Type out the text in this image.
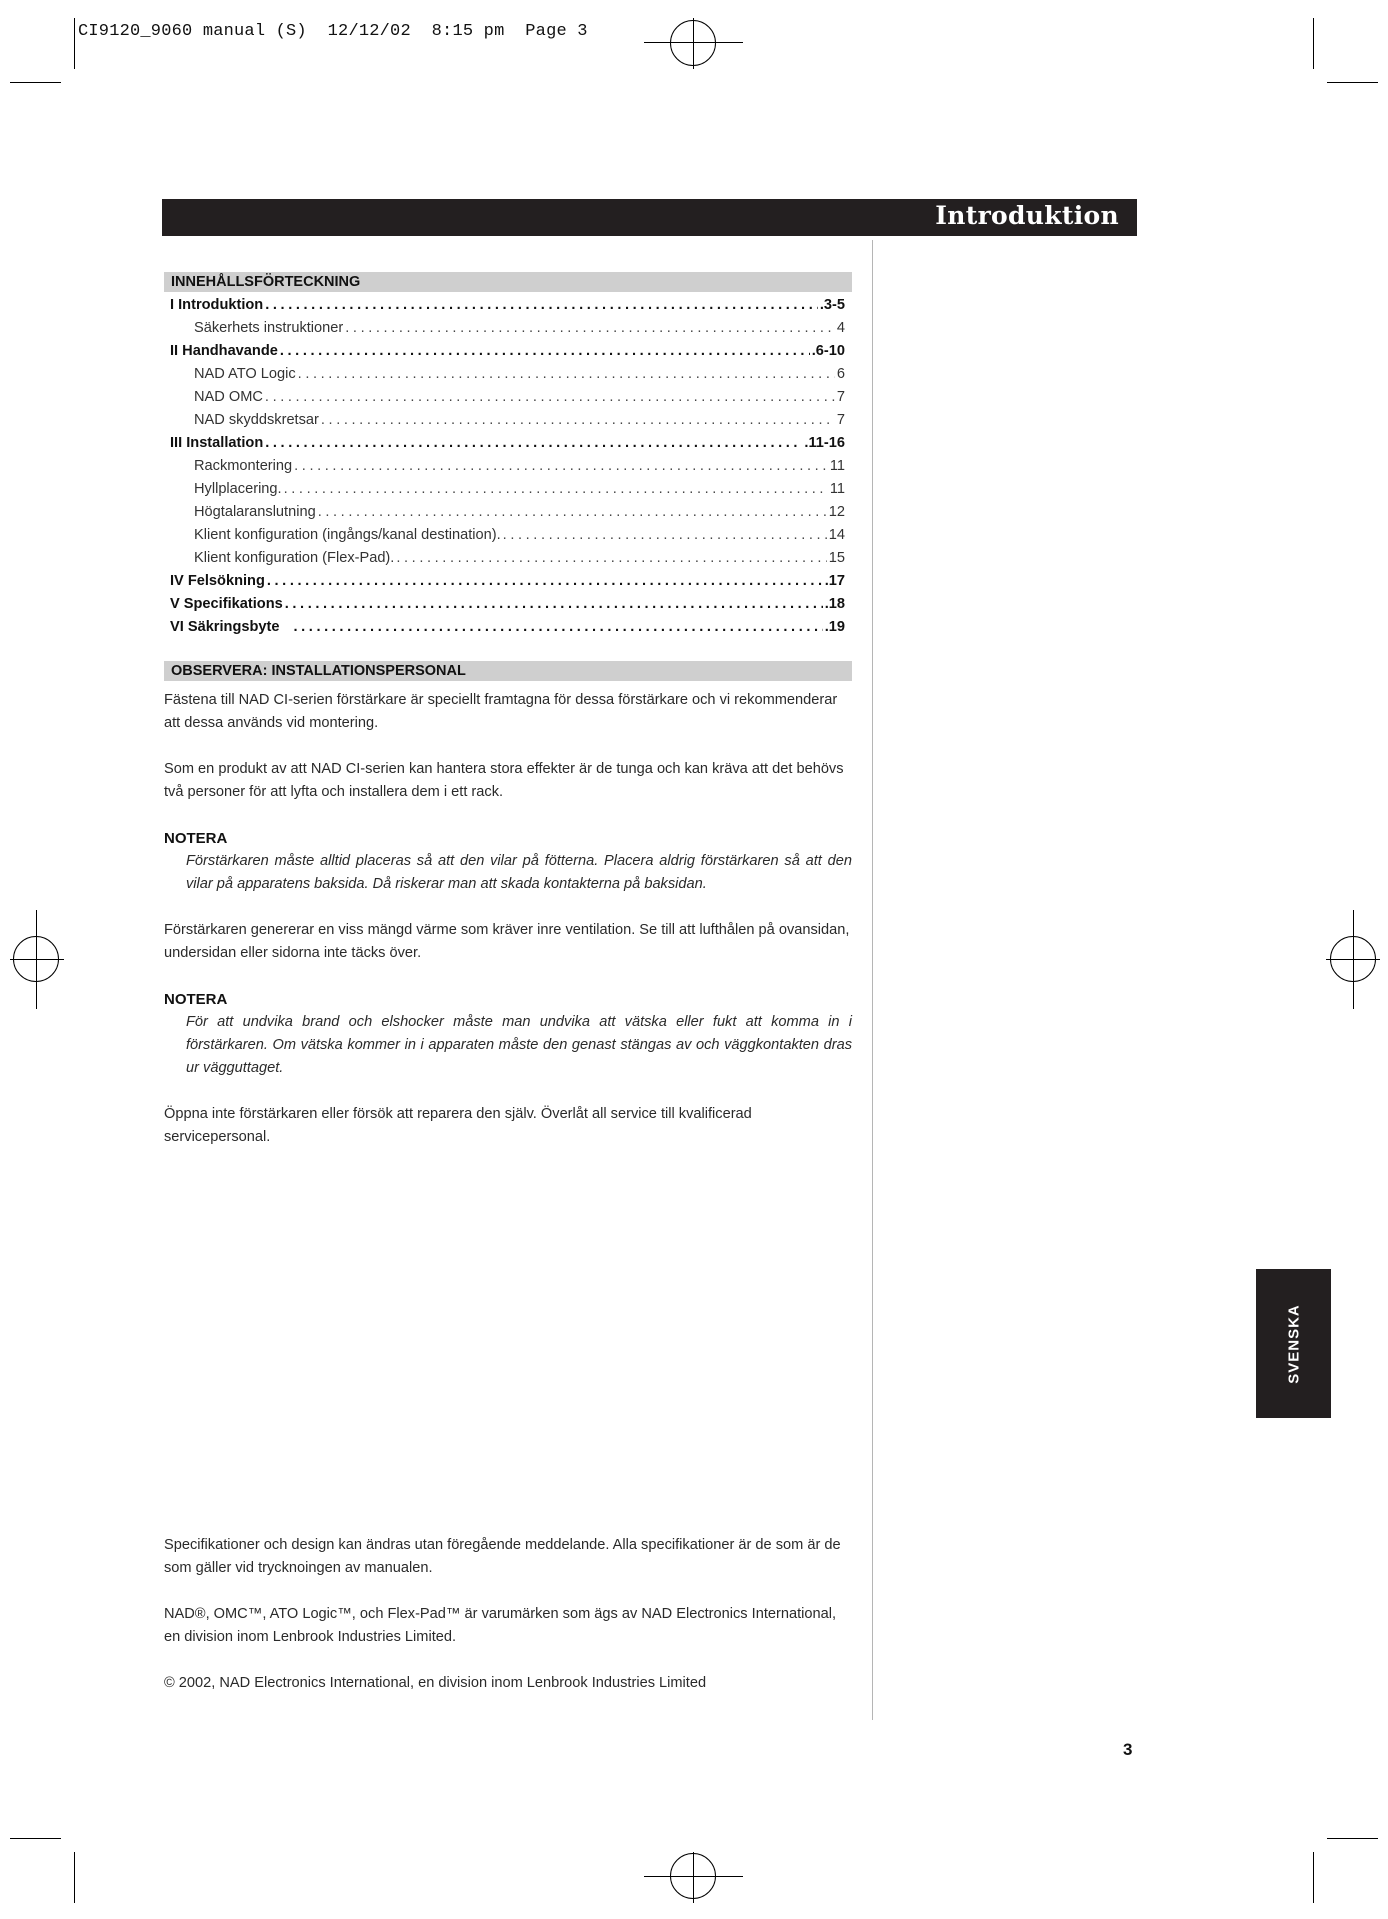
CI9120_9060 manual (S)  12/12/02  8:15 pm  Page 3
Introduktion
INNEHÅLLSFÖRTECKNING
I Introduktion .....	.3-5
Säkerhets instruktioner .....	4
II Handhavande .....	.6-10
NAD ATO Logic .....	6
NAD OMC .....	7
NAD skyddskretsar .....	7
III Installation .....	.11-16
Rackmontering .....	11
Hyllplacering. .....	11
Högtalaranslutning .....	12
Klient konfiguration (ingångs/kanal destination). .....	14
Klient konfiguration (Flex-Pad). .....	15
IV Felsökning .....	.17
V Specifikations .....	.18
VI Säkringsbyte .....	.19
OBSERVERA: INSTALLATIONSPERSONAL

Fästena till NAD CI-serien förstärkare är speciellt framtagna för dessa förstärkare och vi rekommenderar att dessa används vid montering.

Som en produkt av att NAD CI-serien kan hantera stora effekter är de tunga och kan kräva att det behövs två personer för att lyfta och installera dem i ett rack.

NOTERA
Förstärkaren måste alltid placeras så att den vilar på fötterna. Placera aldrig förstärkaren så att den vilar på apparatens baksida. Då riskerar man att skada kontakterna på baksidan.

Förstärkaren genererar en viss mängd värme som kräver inre ventilation. Se till att lufthålen på ovansidan, undersidan eller sidorna inte täcks över.

NOTERA
För att undvika brand och elshocker måste man undvika att vätska eller fukt att komma in i förstärkaren. Om vätska kommer in i apparaten måste den genast stängas av och väggkontakten dras ur vägguttaget.

Öppna inte förstärkaren eller försök att reparera den själv. Överlåt all service till kvalificerad servicepersonal.

Specifikationer och design kan ändras utan föregående meddelande. Alla specifikationer är de som är de som gäller vid trycknoingen av manualen.

NAD®, OMC™, ATO Logic™, och Flex-Pad™ är varumärken som ägs av NAD Electronics International, en division inom Lenbrook Industries Limited.

© 2002, NAD Electronics International, en division inom Lenbrook Industries Limited

SVENSKA
3
